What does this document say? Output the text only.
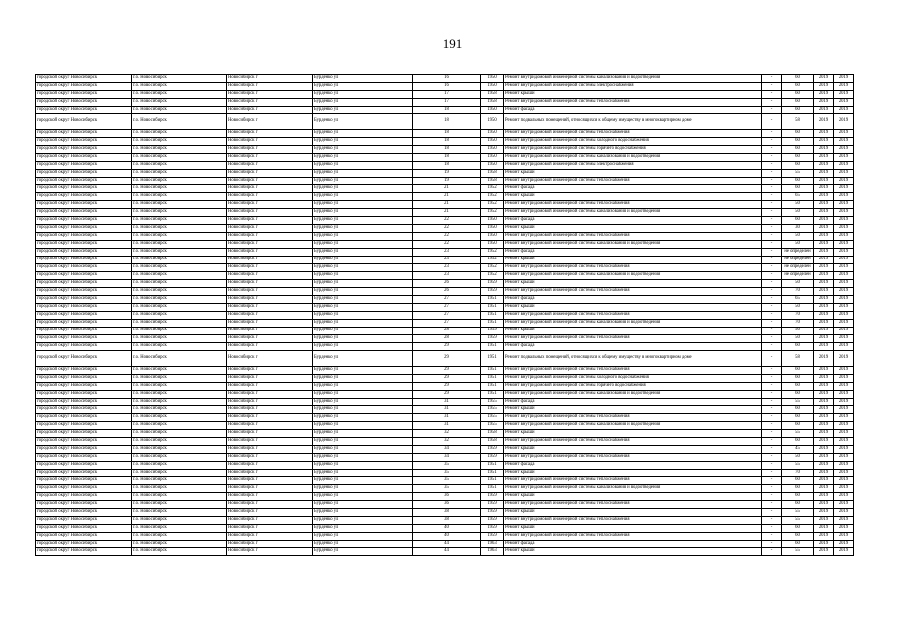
191
городской округ Новосибирск	г.о. Новосибирск	Новосибирск г	Бурденко ул	16	1950	Ремонт внутридомовой инженерной системы канализования и водоотведения	-	60	2019	2019
городской округ Новосибирск	г.о. Новосибирск	Новосибирск г	Бурденко ул	16	1950	Ремонт внутридомовой инженерной системы электроснабжения	-	60	2019	2019
городской округ Новосибирск	г.о. Новосибирск	Новосибирск г	Бурденко ул	17	1958	Ремонт крыши	-	60	2019	2019
городской округ Новосибирск	г.о. Новосибирск	Новосибирск г	Бурденко ул	17	1958	Ремонт внутридомовой инженерной системы теплоснабжения	-	60	2019	2019
городской округ Новосибирск	г.о. Новосибирск	Новосибирск г	Бурденко ул	18	1950	Ремонт фасада	-	60	2019	2019
городской округ Новосибирск	г.о. Новосибирск	Новосибирск г	Бурденко ул	18	1950	Ремонт подвальных помещений, относящихся к общему имуществу в многоквартирном доме	-	58	2019	2019
городской округ Новосибирск	г.о. Новосибирск	Новосибирск г	Бурденко ул	18	1950	Ремонт внутридомовой инженерной системы теплоснабжения	-	60	2019	2019
городской округ Новосибирск	г.о. Новосибирск	Новосибирск г	Бурденко ул	18	1950	Ремонт внутридомовой инженерной системы холодного водоснабжения	-	60	2019	2019
городской округ Новосибирск	г.о. Новосибирск	Новосибирск г	Бурденко ул	18	1950	Ремонт внутридомовой инженерной системы горячего водоснабжения	-	60	2019	2019
городской округ Новосибирск	г.о. Новосибирск	Новосибирск г	Бурденко ул	18	1950	Ремонт внутридомовой инженерной системы канализования и водоотведения	-	60	2019	2019
городской округ Новосибирск	г.о. Новосибирск	Новосибирск г	Бурденко ул	18	1950	Ремонт внутридомовой инженерной системы электроснабжения	-	60	2019	2019
городской округ Новосибирск	г.о. Новосибирск	Новосибирск г	Бурденко ул	19	1958	Ремонт крыши	-	55	2019	2019
городской округ Новосибирск	г.о. Новосибирск	Новосибирск г	Бурденко ул	19	1958	Ремонт внутридомовой инженерной системы теплоснабжения	-	60	2019	2019
городской округ Новосибирск	г.о. Новосибирск	Новосибирск г	Бурденко ул	21	1952	Ремонт фасада	-	60	2019	2019
городской округ Новосибирск	г.о. Новосибирск	Новосибирск г	Бурденко ул	21	1952	Ремонт крыши	-	65	2019	2019
городской округ Новосибирск	г.о. Новосибирск	Новосибирск г	Бурденко ул	21	1952	Ремонт внутридомовой инженерной системы теплоснабжения	-	50	2019	2019
городской округ Новосибирск	г.о. Новосибирск	Новосибирск г	Бурденко ул	21	1952	Ремонт внутридомовой инженерной системы канализования и водоотведения	-	50	2019	2019
городской округ Новосибирск	г.о. Новосибирск	Новосибирск г	Бурденко ул	22	1950	Ремонт фасада	-	60	2019	2019
городской округ Новосибирск	г.о. Новосибирск	Новосибирск г	Бурденко ул	22	1950	Ремонт крыши	-	30	2019	2019
городской округ Новосибирск	г.о. Новосибирск	Новосибирск г	Бурденко ул	22	1950	Ремонт внутридомовой инженерной системы теплоснабжения	-	50	2019	2019
городской округ Новосибирск	г.о. Новосибирск	Новосибирск г	Бурденко ул	22	1950	Ремонт внутридомовой инженерной системы канализования и водоотведения	-	50	2019	2019
городской округ Новосибирск	г.о. Новосибирск	Новосибирск г	Бурденко ул	23	1952	Ремонт фасада	-	не определен	2019	2019
городской округ Новосибирск	г.о. Новосибирск	Новосибирск г	Бурденко ул	23	1952	Ремонт крыши	-	не определен	2019	2019
городской округ Новосибирск	г.о. Новосибирск	Новосибирск г	Бурденко ул	23	1952	Ремонт внутридомовой инженерной системы теплоснабжения	-	не определен	2019	2019
городской округ Новосибирск	г.о. Новосибирск	Новосибирск г	Бурденко ул	23	1952	Ремонт внутридомовой инженерной системы канализования и водоотведения	-	не определен	2019	2019
городской округ Новосибирск	г.о. Новосибирск	Новосибирск г	Бурденко ул	26	1959	Ремонт крыши	-	50	2019	2019
городской округ Новосибирск	г.о. Новосибирск	Новосибирск г	Бурденко ул	26	1959	Ремонт внутридомовой инженерной системы теплоснабжения	-	70	2019	2019
городской округ Новосибирск	г.о. Новосибирск	Новосибирск г	Бурденко ул	27	1951	Ремонт фасада	-	65	2019	2019
городской округ Новосибирск	г.о. Новосибирск	Новосибирск г	Бурденко ул	27	1951	Ремонт крыши	-	50	2019	2019
городской округ Новосибирск	г.о. Новосибирск	Новосибирск г	Бурденко ул	27	1951	Ремонт внутридомовой инженерной системы теплоснабжения	-	70	2019	2019
городской округ Новосибирск	г.о. Новосибирск	Новосибирск г	Бурденко ул	27	1951	Ремонт внутридомовой инженерной системы канализования и водоотведения	-	70	2019	2019
городской округ Новосибирск	г.о. Новосибирск	Новосибирск г	Бурденко ул	28	1959	Ремонт крыши	-	50	2019	2019
городской округ Новосибирск	г.о. Новосибирск	Новосибирск г	Бурденко ул	28	1959	Ремонт внутридомовой инженерной системы теплоснабжения	-	50	2019	2019
городской округ Новосибирск	г.о. Новосибирск	Новосибирск г	Бурденко ул	29	1951	Ремонт фасада	-	60	2019	2019
городской округ Новосибирск	г.о. Новосибирск	Новосибирск г	Бурденко ул	29	1951	Ремонт подвальных помещений, относящихся к общему имуществу в многоквартирном доме	-	58	2019	2019
городской округ Новосибирск	г.о. Новосибирск	Новосибирск г	Бурденко ул	29	1951	Ремонт внутридомовой инженерной системы теплоснабжения	-	60	2019	2019
городской округ Новосибирск	г.о. Новосибирск	Новосибирск г	Бурденко ул	29	1951	Ремонт внутридомовой инженерной системы холодного водоснабжения	-	60	2019	2019
городской округ Новосибирск	г.о. Новосибирск	Новосибирск г	Бурденко ул	29	1951	Ремонт внутридомовой инженерной системы горячего водоснабжения	-	60	2019	2019
городской округ Новосибирск	г.о. Новосибирск	Новосибирск г	Бурденко ул	29	1951	Ремонт внутридомовой инженерной системы канализования и водоотведения	-	60	2019	2019
городской округ Новосибирск	г.о. Новосибирск	Новосибирск г	Бурденко ул	31	1955	Ремонт фасада	-	55	2019	2019
городской округ Новосибирск	г.о. Новосибирск	Новосибирск г	Бурденко ул	31	1955	Ремонт крыши	-	60	2019	2019
городской округ Новосибирск	г.о. Новосибирск	Новосибирск г	Бурденко ул	31	1955	Ремонт внутридомовой инженерной системы теплоснабжения	-	60	2019	2019
городской округ Новосибирск	г.о. Новосибирск	Новосибирск г	Бурденко ул	31	1955	Ремонт внутридомовой инженерной системы канализования и водоотведения	-	60	2019	2019
городской округ Новосибирск	г.о. Новосибирск	Новосибирск г	Бурденко ул	32	1958	Ремонт крыши	-	55	2019	2019
городской округ Новосибирск	г.о. Новосибирск	Новосибирск г	Бурденко ул	32	1958	Ремонт внутридомовой инженерной системы теплоснабжения	-	60	2019	2019
городской округ Новосибирск	г.о. Новосибирск	Новосибирск г	Бурденко ул	34	1959	Ремонт крыши	-	45	2019	2019
городской округ Новосибирск	г.о. Новосибирск	Новосибирск г	Бурденко ул	34	1959	Ремонт внутридомовой инженерной системы теплоснабжения	-	50	2019	2019
городской округ Новосибирск	г.о. Новосибирск	Новосибирск г	Бурденко ул	35	1951	Ремонт фасада	-	55	2019	2019
городской округ Новосибирск	г.о. Новосибирск	Новосибирск г	Бурденко ул	35	1951	Ремонт крыши	-	70	2019	2019
городской округ Новосибирск	г.о. Новосибирск	Новосибирск г	Бурденко ул	35	1951	Ремонт внутридомовой инженерной системы теплоснабжения	-	60	2019	2019
городской округ Новосибирск	г.о. Новосибирск	Новосибирск г	Бурденко ул	35	1951	Ремонт внутридомовой инженерной системы канализования и водоотведения	-	60	2019	2019
городской округ Новосибирск	г.о. Новосибирск	Новосибирск г	Бурденко ул	36	1959	Ремонт крыши	-	60	2019	2019
городской округ Новосибирск	г.о. Новосибирск	Новосибирск г	Бурденко ул	36	1959	Ремонт внутридомовой инженерной системы теплоснабжения	-	60	2019	2019
городской округ Новосибирск	г.о. Новосибирск	Новосибирск г	Бурденко ул	38	1959	Ремонт крыши	-	55	2019	2019
городской округ Новосибирск	г.о. Новосибирск	Новосибирск г	Бурденко ул	38	1959	Ремонт внутридомовой инженерной системы теплоснабжения	-	55	2019	2019
городской округ Новосибирск	г.о. Новосибирск	Новосибирск г	Бурденко ул	40	1959	Ремонт крыши	-	60	2019	2019
городской округ Новосибирск	г.о. Новосибирск	Новосибирск г	Бурденко ул	40	1959	Ремонт внутридомовой инженерной системы теплоснабжения	-	60	2019	2019
городской округ Новосибирск	г.о. Новосибирск	Новосибирск г	Бурденко ул	44	1963	Ремонт фасада	-	60	2019	2019
городской округ Новосибирск	г.о. Новосибирск	Новосибирск г	Бурденко ул	44	1963	Ремонт крыши	-	55	2019	2019
